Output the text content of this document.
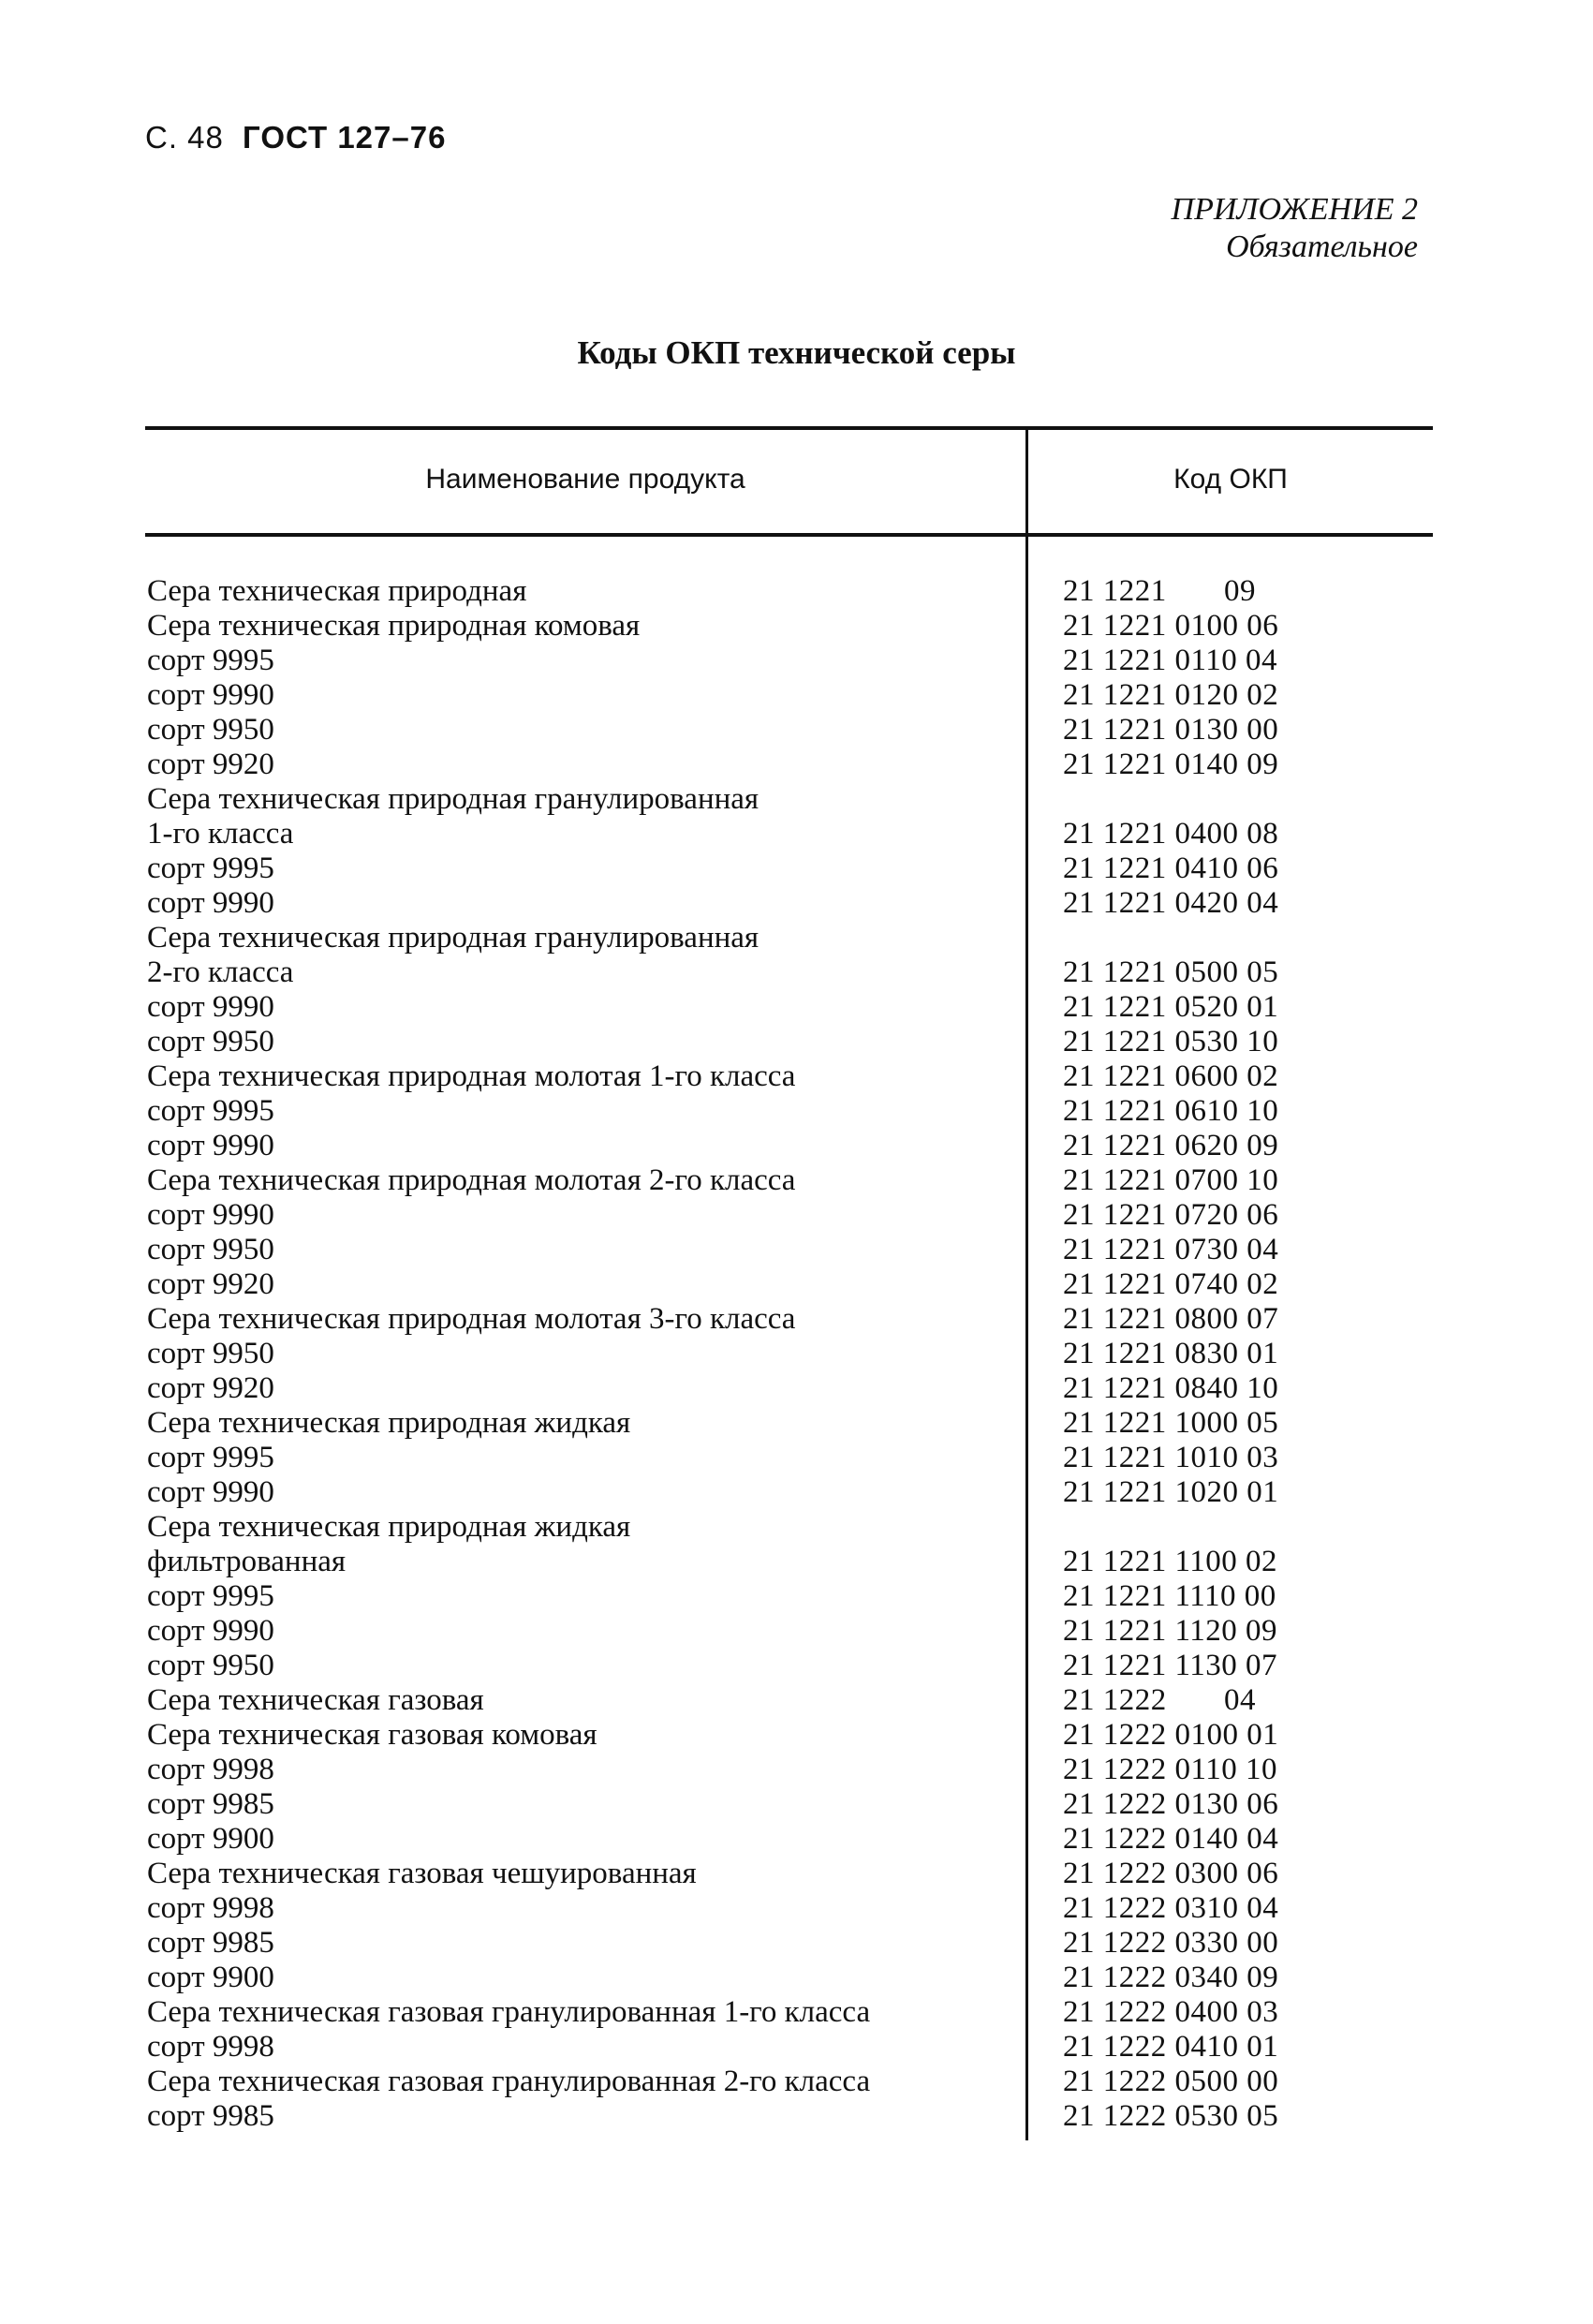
С. 48 ГОСТ 127–76
ПРИЛОЖЕНИЕ 2
Обязательное
Коды ОКП технической серы
Наименование продукта	Код ОКП
Сера техническая природная	21 1221       09
Сера техническая природная комовая	21 1221 0100 06
сорт 9995	21 1221 0110 04
сорт 9990	21 1221 0120 02
сорт 9950	21 1221 0130 00
сорт 9920	21 1221 0140 09
Сера техническая природная гранулированная
1-го класса	21 1221 0400 08
сорт 9995	21 1221 0410 06
сорт 9990	21 1221 0420 04
Сера техническая природная гранулированная
2-го класса	21 1221 0500 05
сорт 9990	21 1221 0520 01
сорт 9950	21 1221 0530 10
Сера техническая природная молотая 1-го класса	21 1221 0600 02
сорт 9995	21 1221 0610 10
сорт 9990	21 1221 0620 09
Сера техническая природная молотая 2-го класса	21 1221 0700 10
сорт 9990	21 1221 0720 06
сорт 9950	21 1221 0730 04
сорт 9920	21 1221 0740 02
Сера техническая природная молотая 3-го класса	21 1221 0800 07
сорт 9950	21 1221 0830 01
сорт 9920	21 1221 0840 10
Сера техническая природная жидкая	21 1221 1000 05
сорт 9995	21 1221 1010 03
сорт 9990	21 1221 1020 01
Сера техническая природная жидкая
фильтрованная	21 1221 1100 02
сорт 9995	21 1221 1110 00
сорт 9990	21 1221 1120 09
сорт 9950	21 1221 1130 07
Сера техническая газовая	21 1222       04
Сера техническая газовая комовая	21 1222 0100 01
сорт 9998	21 1222 0110 10
сорт 9985	21 1222 0130 06
сорт 9900	21 1222 0140 04
Сера техническая газовая чешуированная	21 1222 0300 06
сорт 9998	21 1222 0310 04
сорт 9985	21 1222 0330 00
сорт 9900	21 1222 0340 09
Сера техническая газовая гранулированная 1-го класса	21 1222 0400 03
сорт 9998	21 1222 0410 01
Сера техническая газовая гранулированная 2-го класса	21 1222 0500 00
сорт 9985	21 1222 0530 05
